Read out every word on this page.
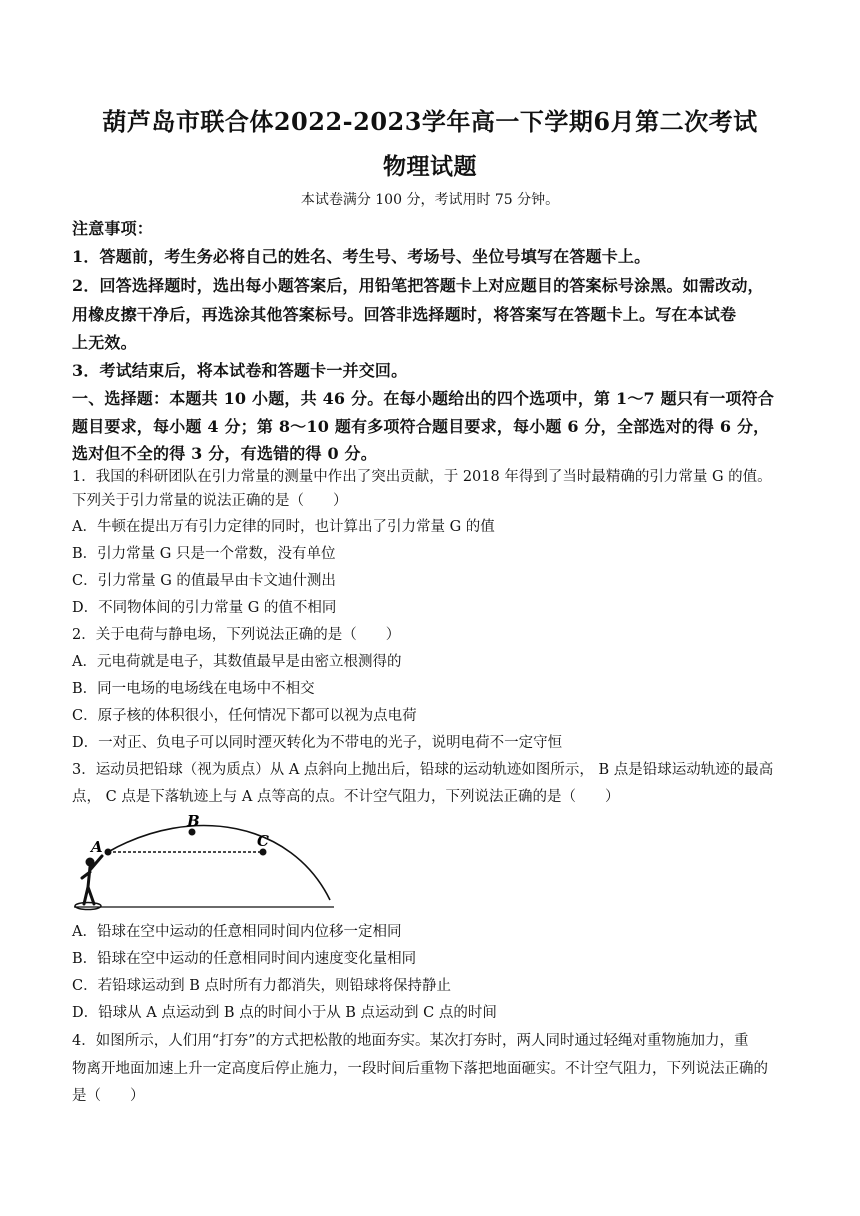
葫芦岛市联合体2022-2023学年高一下学期6月第二次考试
物理试题
本试卷满分 100 分，考试用时 75 分钟。
注意事项：
1．答题前，考生务必将自己的姓名、考生号、考场号、坐位号填写在答题卡上。
2．回答选择题时，选出每小题答案后，用铅笔把答题卡上对应题目的答案标号涂黑。如需改动，
用橡皮擦干净后，再选涂其他答案标号。回答非选择题时，将答案写在答题卡上。写在本试卷
上无效。
3．考试结束后，将本试卷和答题卡一并交回。
一、选择题：本题共 10 小题，共 46 分。在每小题给出的四个选项中，第 1～7 题只有一项符合
题目要求，每小题 4 分；第 8～10 题有多项符合题目要求，每小题 6 分，全部选对的得 6 分，
选对但不全的得 3 分，有选错的得 0 分。
1．我国的科研团队在引力常量的测量中作出了突出贡献，于 2018 年得到了当时最精确的引力常量 G 的值。
下列关于引力常量的说法正确的是（　　）
A．牛顿在提出万有引力定律的同时，也计算出了引力常量 G 的值
B．引力常量 G 只是一个常数，没有单位
C．引力常量 G 的值最早由卡文迪什测出
D．不同物体间的引力常量 G 的值不相同
2．关于电荷与静电场，下列说法正确的是（　　）
A．元电荷就是电子，其数值最早是由密立根测得的
B．同一电场的电场线在电场中不相交
C．原子核的体积很小，任何情况下都可以视为点电荷
D．一对正、负电子可以同时湮灭转化为不带电的光子，说明电荷不一定守恒
3．运动员把铅球（视为质点）从 A 点斜向上抛出后，铅球的运动轨迹如图所示， B 点是铅球运动轨迹的最高
点， C 点是下落轨迹上与 A 点等高的点。不计空气阻力，下列说法正确的是（　　）
A
B
C
A．铅球在空中运动的任意相同时间内位移一定相同
B．铅球在空中运动的任意相同时间内速度变化量相同
C．若铅球运动到 B 点时所有力都消失，则铅球将保持静止
D．铅球从 A 点运动到 B 点的时间小于从 B 点运动到 C 点的时间
4．如图所示，人们用“打夯”的方式把松散的地面夯实。某次打夯时，两人同时通过轻绳对重物施加力，重
物离开地面加速上升一定高度后停止施力，一段时间后重物下落把地面砸实。不计空气阻力，下列说法正确的
是（　　）
